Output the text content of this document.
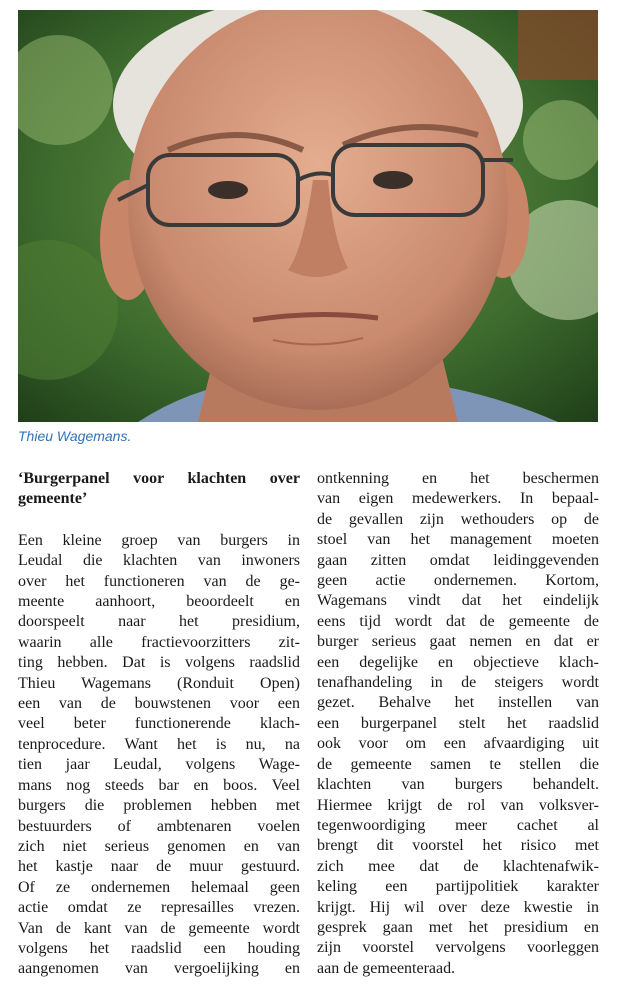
Thieu Wagemans.

‘Burgerpanel voor klachten over
gemeente’
Een kleine groep van burgers in
Leudal die klachten van inwoners
over het functioneren van de ge-
meente aanhoort, beoordeelt en
doorspeelt naar het presidium,
waarin alle fractievoorzitters zit-
ting hebben. Dat is volgens raadslid
Thieu Wagemans (Ronduit Open)
een van de bouwstenen voor een
veel beter functionerende klach-
tenprocedure. Want het is nu, na
tien jaar Leudal, volgens Wage-
mans nog steeds bar en boos. Veel
burgers die problemen hebben met
bestuurders of ambtenaren voelen
zich niet serieus genomen en van
het kastje naar de muur gestuurd.
Of ze ondernemen helemaal geen
actie omdat ze represailles vrezen.
Van de kant van de gemeente wordt
volgens het raadslid een houding
aangenomen van vergoelijking en
ontkenning en het beschermen
van eigen medewerkers. In bepaal-
de gevallen zijn wethouders op de
stoel van het management moeten
gaan zitten omdat leidinggevenden
geen actie ondernemen. Kortom,
Wagemans vindt dat het eindelijk
eens tijd wordt dat de gemeente de
burger serieus gaat nemen en dat er
een degelijke en objectieve klach-
tenafhandeling in de steigers wordt
gezet. Behalve het instellen van
een burgerpanel stelt het raadslid
ook voor om een afvaardiging uit
de gemeente samen te stellen die
klachten van burgers behandelt.
Hiermee krijgt de rol van volksver-
tegenwoordiging meer cachet al
brengt dit voorstel het risico met
zich mee dat de klachtenafwik-
keling een partijpolitiek karakter
krijgt. Hij wil over deze kwestie in
gesprek gaan met het presidium en
zijn voorstel vervolgens voorleggen
aan de gemeenteraad.
